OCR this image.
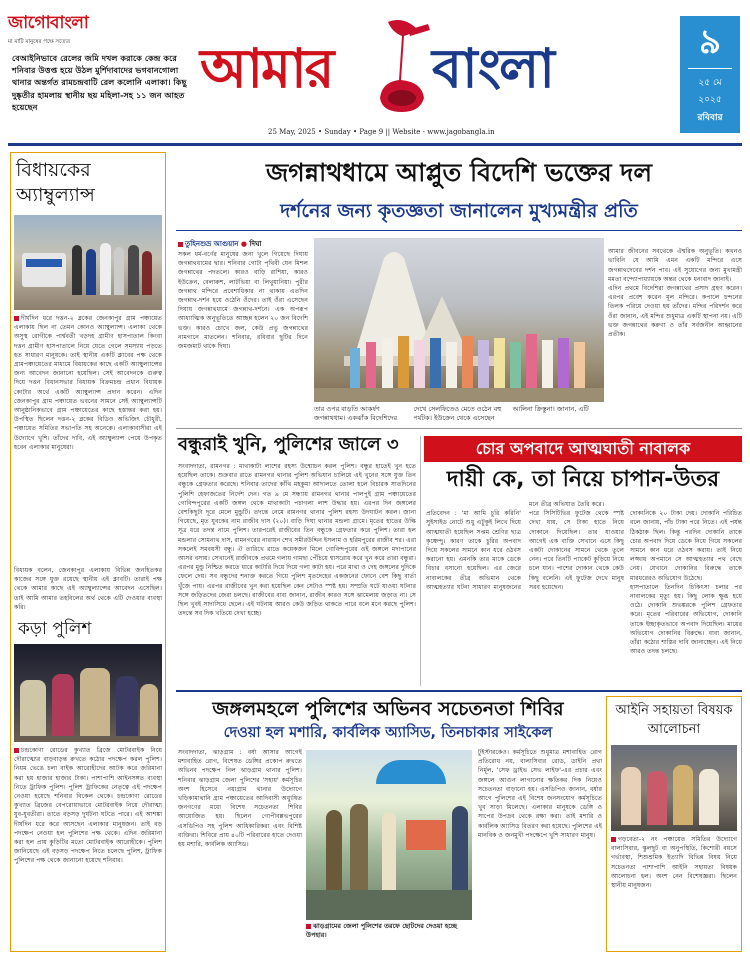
জাগোবাংলা
মা মাটি মানুষের পক্ষে সত্যের
বেআইনিভাবে রেলের জমি দখল করাকে কেন্দ্র করে শনিবার উত্তপ্ত হয়ে উঠল মুর্শিদাবাদের ভগবানগোলা থানার অন্তর্গত রামচন্দ্রবাটি রেল কলোনি এলাকা। কিছু দুষ্কৃতীর হামলায় স্থানীয় ছয় মহিলা-সহ ১১ জন আহত হয়েছেন
আমার বাংলা
25 May, 2025 • Sunday • Page 9 || Website - www.jagobangla.in
৯
২৫ মে
২০২৫
রবিবার
বিধায়কের অ্যাম্বুল্যান্স
দীর্ঘদিন ধরে দত্তন-২ ব্লকের জেনকাপুর গ্রাম পঞ্চায়েত এলাকায় ছিল না তেমন কোনও অ্যাম্বুল্যান্স। এলাকা থেকে অসুস্থ রোগীকে পার্শ্ববর্তী খড়দহ গ্রামীণ হাসপাতাল কিংবা দত্তন গ্রামীণ হাসপাতালে নিয়ে যেতে গেলে সমস্যায় পড়তে হত সাধারণ মানুষকে। তাই স্থানীয় একটি ক্লাবের পক্ষ থেকে গ্রামপঞ্চায়েতের মাধ্যমে বিধায়কের কাছে একটি অ্যাম্বুল্যান্সের জন্য আবেদন জানানো হয়েছিল। সেই আবেদনকে গুরুত্ব দিয়ে দত্তন বিধানসভার বিধায়ক বিক্রমচন্দ্র প্রধান বিধায়ক কোটার অর্থে একটি অ্যাম্বুল্যান্স প্রদান করেন। এদিন জেনকাপুর গ্রাম পঞ্চায়েত ভবনের সামনে সেই অ্যাম্বুল্যান্সটি আনুষ্ঠানিকভাবে গ্রাম পঞ্চায়েতের কাছে হস্তান্তর করা হয়। উপস্থিত ছিলেন দত্তন-২ ব্লকের বিডিও অভিজিৎ চৌধুরী, পঞ্চায়েত সমিতির সভাপতি সহ অনেকে। এলাকাবাসীরা এই উদ্যোগে খুশি। তাঁদের দাবি, এই অ্যাম্বুল্যান্স পেয়ে উপকৃত হবেন এলাকার মানুষেরা।
বিধায়ক বলেন, জেনকাপুর এলাকায় বিভিন্ন জনহিতকর কাজের সঙ্গে যুক্ত রয়েছে স্থানীয় এই ক্লাবটি। তারাই পক্ষ থেকে আমার কাছে এই অ্যাম্বুল্যান্সের আবেদন এসেছিল। তাই আমি আমার তহবিলের অর্থ থেকে এটি দেওয়ার ব্যবস্থা করি।
কড়া পুলিশ
চন্দ্রকোণা রোডের কুখ্যাত ব্রিজে মোটরবাইক নিয়ে দৌরাত্ম্যের বাড়বাড়ন্ত রুখতে কঠোর পদক্ষেপ করল পুলিশ। নিয়ম ভেঙে চলা বাইক আরোহীদের আটক করে জরিমানা করা হয় হাজার হাজার টাকা। পাশাপাশি আইনসঙ্গত ব্যবস্থা নিতে ট্রাফিক পুলিশ। পুলিশ ট্রাফিকের নেতৃত্বে এই পদক্ষেপ নেওয়া হয়েছে শনিবার বিকেল থেকে। চন্দ্রকোণা রোডের কুখ্যাত ব্রিজের বেপরোয়াভাবে মোটরবাইক নিয়ে দৌরাত্ম্য যুব-যুবতীরা। তাতে বড়সড় দুর্ঘটনা ঘটতে পারে। এই আশঙ্কা দীর্ঘদিন ধরে করে আসছেন এলাকার মানুষজন। তাই বড় পদক্ষেপ নেওয়া হল পুলিশের পক্ষ থেকে। এদিন জরিমানা করা হল প্রায় কুড়িটির মতো মোটরবাইক আরোহীকে। পুলিশ জানিয়েছে এই বড়সড় পদক্ষেপ নিতে চলেছে পুলিশ, ট্রাফিক পুলিশের পক্ষ থেকে জানানো হয়েছে শনিবার।
জগন্নাথধামে আপ্লুত বিদেশি ভক্তের দল
দর্শনের জন্য কৃতজ্ঞতা জানালেন মুখ্যমন্ত্রীর প্রতি
তুহিনশুভ্র আগুয়ান ● দিঘা
সকল ধর্ম-বর্ণের মানুষের জন্য খুলে গিয়েছে দিঘায় জগন্নাথধামের দ্বার। শনিবার গোটা পৃথিবী যেন মিশল জগন্নাথের পদতলে। কারও বাড়ি রাশিয়া, কারও ইউক্রেন, বেলারুশ, লাটভিয়া বা লিথুয়ানিয়া। পুরীর জগন্নাথ মন্দিরে প্রবেশাধিকার না থাকায় এতদিন জগন্নাথ-দর্শন হয়ে ওঠেনি ওঁদের। তাই ওঁরা এসেছেন দিঘায় জগন্নাথধামে জগন্নাথ-দর্শনে। এক অপরূপ আধ্যাত্মিক অনুভূতিতে আচ্ছন্ন হলেন ২০ জন বিদেশি ভক্ত। কারও চোখে জল, কেউ প্রভু জগন্নাথের নামগানে মাতলেন। শনিবার, রবিবার ছুটির দিনে জমজমাট থাকে দিঘা।

আমার জীবনের সবথেকে ঐশ্বরিক অনুভূতি। কখনও ভাবিনি যে আমি এমন একটি মন্দিরে এসে জগন্নাথদেবের দর্শন পাব। এই সুযোগের জন্য মুখ্যমন্ত্রী মমতা বন্দ্যোপাধ্যায়কে অন্তর থেকে ধন্যবাদ জানাই।
এদিন প্রথমে বিদেশিরা জগন্নাথের প্রসাদ গ্রহণ করেন। এরপর প্রবেশ করেন মূল মন্দিরে। কপালে চন্দনের তিলক পরিয়ে দেওয়া হয় তাঁদের। মন্দির পরিদর্শন করে ওঁরা জানান, এই মন্দির শুধুমাত্র একটি স্থাপনা নয়। এটি ভক্ত জগন্নাথের করুণা ও তাঁর সর্বজনীন আহ্বানের প্রতীক।

তার ওপর বাড়তি আকর্ষণ জগন্নাথধাম। একঝাঁক বিদেশিদের দেখে সেলফিতেও মেতে ওঠেন বহু পর্যটক। ইউক্রেন থেকে এসেছেন আলিনা ক্রিস্তুনা। জানান, এটি
বন্ধুরাই খুনি, পুলিশের জালে ৩
সংবাদদাতা, রামনগর : মাথাকাটা লাশের রহস্য উন্মোচন করল পুলিশ। বন্ধুর হাতেই খুন হতে হয়েছিল তাকে। শুক্রবার রাতে রামনগর থানার পুলিশ অভিযান চালিয়ে এই খুনের সঙ্গে যুক্ত তিন বন্ধুকে গ্রেফতার করেছে। শনিবার তাদের কাঁথি মহকুমা আদালতে তোলা হলে বিচারক সাতদিনের পুলিশি হেফাজতের নির্দেশ দেন। গত ৯ মে সন্ধ্যায় রামনগর থানার পালপুই গ্রাম পঞ্চায়েতের গোবিন্দপুরের একটি জঙ্গল থেকে মাথাকাটা পচাগলা লাশ উদ্ধার হয়। এরপর দিন জঙ্গলের বেশকিছুটা দূরে মেলে মুন্ডুটি। তদন্তে নেমে রামনগর থানার পুলিশ রহস্য উদঘাটন করল। জানা গিয়েছে, মৃত যুবকের নাম রাজীব দাস (২০)। বাড়ি দিঘা থানার মন্ডলা গ্রামে। মৃতের হাতের উল্কি সূত্র ধরে তদন্ত নামে পুলিশ। তারপরেই রাজীবের তিন বন্ধুকে গ্রেফতার করে পুলিশ। তারা হল মন্ডলার সোমনাথ দাস, রামনগরের নারায়ন শেখ সমীরউদ্দিন ইসলাম ও হরিমপুরের রাজীব শর। এরা সকলেই সমবয়সী বন্ধু। ঐ তারিখে রাতে কয়েকজন মিলে গোবিন্দপুরের ওই জঙ্গলে মদ্যপানের আসর বসায়। সেখানেই রাজীবকে প্রথমে গলায় গামছা পেঁচিয়ে শ্বাসরোধ করে খুন করে তারা বন্ধুরা। এরপর মুন্ডু নিশ্চিত করতে ধারে কাটারি দিয়ে দিয়ে গলা কাটা হয়। পরে মাথা ও দেহ জঙ্গলের দুদিকে ফেলে দেয়। সব বন্ধুদের শনাক্ত করতে গিয়ে পুলিশ মৃতদেহের একজনের ফোনে বেশ কিছু বার্তা খুঁজে পায়। এরপর রাজীবের খুন করা হয়েছিল কেন সেটাও স্পষ্ট হয়। সম্প্রতি ঘটে যাওয়া ঘটনার সঙ্গে জড়িতদের জেরা চলছে। রাজীবের বাবা জানান, রাজীব কারও সঙ্গে ঝামেলায় জড়াত না। সে ছিল খুবই সাদাসিধে ছেলে। এই ঘটনায় আরও কেউ জড়িত থাকতে পারে বলে মনে করছে পুলিশ। তদন্তে সব দিক খতিয়ে দেখা হচ্ছে।
চোর অপবাদে আত্মঘাতী নাবালক
দায়ী কে, তা নিয়ে চাপান-উতর

প্রতিবেদন : 'মা আমি চুরি করিনি' সুইসাইড নোটে শুধু এটুকুই লিখে দিয়ে আত্মঘাতী হয়েছিল সপ্তম শ্রেণির ছাত্র কৃষ্ণেন্দু। কারণ তাকে চুরির অপবাদ দিয়ে সকলের সামনে কান ধরে ওঠবস করানো হয়। এমনকি তার মাকে ডেকে বিচার বসানো হয়েছিল। এর জেরে নাবালকের তীব্র অভিমান থেকে আত্মহত্যার ঘটনা সাধারণ মানুষজনের মনে তীব্র অভিঘাত তৈরি করে।
পরে সিসিটিভির ফুটেজ থেকে স্পষ্ট দেখা যায়, সে টাকা হাতে নিয়ে দোকানে দিয়েছিল। তার যাওয়ার আগেই এক ব্যক্তি সেখানে এসে কিছু একটা দোকানের সামনে থেকে তুলে নেন। পরে তিনটি প্যাকেট কুড়িয়ে নিয়ে চলে যান। পাশের দোকান থেকে কেউ কিছু বলেনি। এই ফুটেজ দেখে মানুষ সরব হয়েছেন।

দোকানিকে ২০ টাকা দেয়। দোকানি পরিচিত বলে জানায়, পাঁচ টাকা পরে নিতে। এই পর্যন্ত ঠিকঠাক ছিল। কিন্তু পরদিন দোকানি তাকে চোর অপবাদ দিয়ে ডেকে নিয়ে গিয়ে সকলের সামনে কান ধরে ওঠবস করায়। তাই নিয়ে লজ্জায় অপমানে সে আত্মহত্যার পথ বেছে নেয়। যেখানে দোকানির বিরুদ্ধে তাকে মারধরেরও অভিযোগ উঠেছে।
হাসপাতালে তিনদিন চিকিৎসা চলার পর নাবালকের মৃত্যু হয়। কিছু লোক ক্ষুব্ধ হয়ে ওঠে। দোকানি শুভঙ্করকে পুলিশ গ্রেফতার করে। মৃতের পরিবারের অভিযোগ, দোকানি তাকে ইচ্ছাকৃতভাবে অপবাদ দিয়েছিল। মায়ের অভিযোগ দোকানির বিরুদ্ধে। বাবা জানান, তাঁরা কঠোর শাস্তির দাবি জানাচ্ছেন। এই নিয়ে আরও তদন্ত চলছে।

জঙ্গলমহলে পুলিশের অভিনব সচেতনতা শিবির
দেওয়া হল মশারি, কার্বলিক অ্যাসিড, তিনচাকার সাইকেল
সংবাদদাতা, ঝাড়গ্রাম : বর্ষা আসার আগেই মশাবাহিত রোগ, বিশেষত ডেঙ্গির প্রকোপ রুখতে অভিনব পদক্ষেপ নিল ঝাড়গ্রাম থানার পুলিশ। শনিবার ঝাড়গ্রাম জেলা পুলিশের 'সহায়' কর্মসূচির অংশ হিসেবে নয়াগ্রাম থানার উদ্যোগে খড়িকামাথানি গ্রাম পঞ্চায়েতের আদিবাসী অধ্যুষিত জনগণের মধ্যে বিশেষ সচেতনতা শিবির আয়োজিত হয়। ছিলেন গোপীবল্লভপুরের এসডিপিও সহ পুলিশ আধিকারিকরা এবং বিশিষ্ট ব্যক্তিরা। শিবিরে প্রায় ৪০টি পরিবারের হাতে দেওয়া হয় মশারি, কার্বলিক অ্যাসিড।
টুইস্টারকেও। কর্মসূচিতে শুধুমাত্র মশাবাহিত রোগ প্রতিরোধ নয়, বালাসিবার রোড, ডাইনি প্রথা নির্মূল, 'সেফ ড্রাইভ সেভ লাইফ'-এর প্রচার এবং জঙ্গলে আগুন লাগানোর ক্ষতিকর দিক নিয়েও সচেতনতা বাড়ানো হয়। এসডিপিও জানান, বর্ষার আগে পুলিশের এই বিশেষ জনসংযোগ কর্মসূচিতে খুব সাড়া মিলেছে। এলাকার মানুষকে ডেঙ্গি ও সাপের উপদ্রব থেকে রক্ষা করা। তাই মশারি ও কার্বলিক অ্যাসিড বিতরণ করা হয়েছে। পুলিশের এই মানবিক ও জনমুখী পদক্ষেপে খুশি সাধারণ মানুষ।
ঝাড়গ্রামের জেলা পুলিশের তরফে ছোটদের দেওয়া হচ্ছে উপহার।
আইনি সহায়তা বিষয়ক আলোচনা
গড়বেতা-২ নং পঞ্চায়েত সমিতির উদ্যোগে বালাসিবার, স্কুলছুট বা অনুপস্থিতি, কিশোরী বয়সে গর্ভাবস্থা, শিশুশ্রমিক ইত্যাদি বিভিন্ন বিষয় নিয়ে সচেতনতা পাশাপাশি আইনি সহায়তা বিষয়ক আলোচনা হল। অংশ নেন বিশেষজ্ঞরা। ছিলেন স্থানীয় মানুষজন।
